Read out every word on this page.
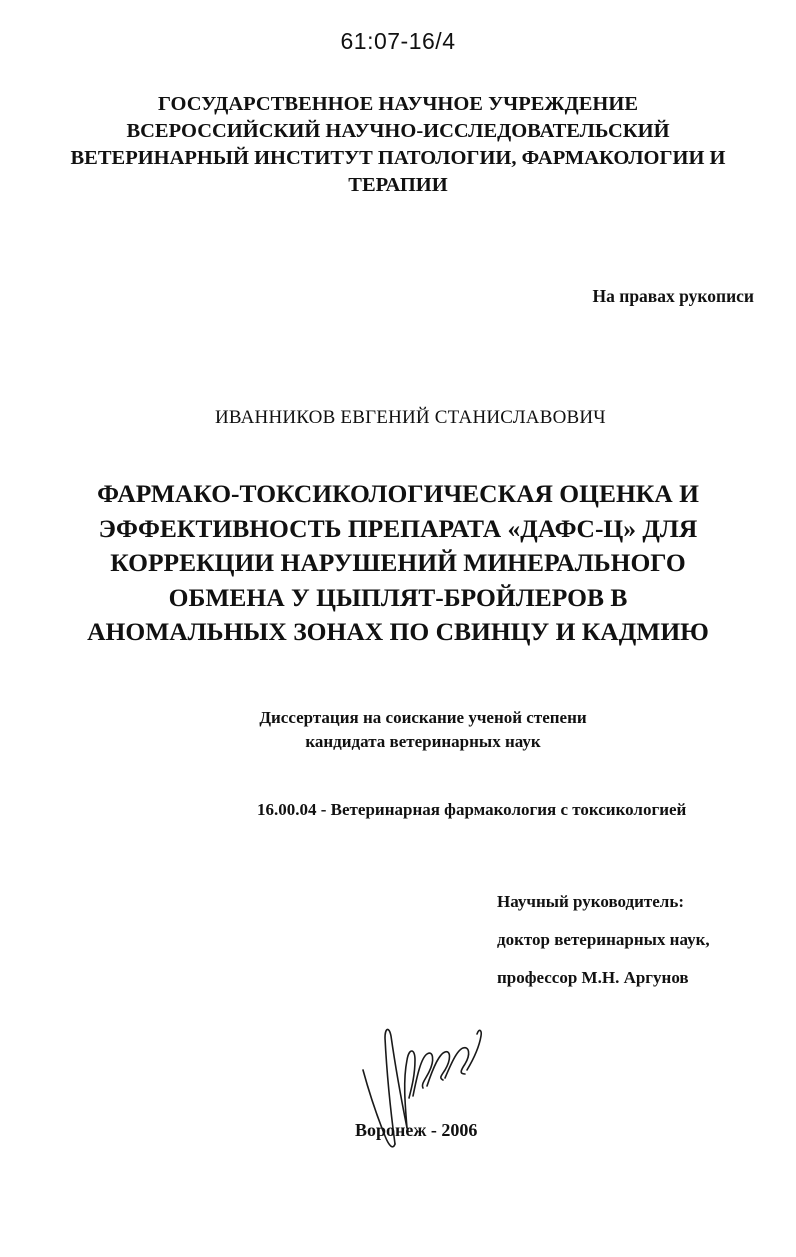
61:07-16/4
ГОСУДАРСТВЕННОЕ НАУЧНОЕ УЧРЕЖДЕНИЕ
ВСЕРОССИЙСКИЙ НАУЧНО-ИССЛЕДОВАТЕЛЬСКИЙ
ВЕТЕРИНАРНЫЙ ИНСТИТУТ ПАТОЛОГИИ, ФАРМАКОЛОГИИ И
ТЕРАПИИ
На правах рукописи
ИВАННИКОВ ЕВГЕНИЙ СТАНИСЛАВОВИЧ
ФАРМАКО-ТОКСИКОЛОГИЧЕСКАЯ ОЦЕНКА И
ЭФФЕКТИВНОСТЬ ПРЕПАРАТА «ДАФС-Ц» ДЛЯ
КОРРЕКЦИИ НАРУШЕНИЙ МИНЕРАЛЬНОГО
ОБМЕНА У ЦЫПЛЯТ-БРОЙЛЕРОВ В
АНОМАЛЬНЫХ ЗОНАХ ПО СВИНЦУ И КАДМИЮ
Диссертация на соискание ученой степени
кандидата ветеринарных наук
16.00.04 - Ветеринарная фармакология с токсикологией
Научный руководитель:
доктор ветеринарных наук,
профессор М.Н. Аргунов
Воронеж - 2006
